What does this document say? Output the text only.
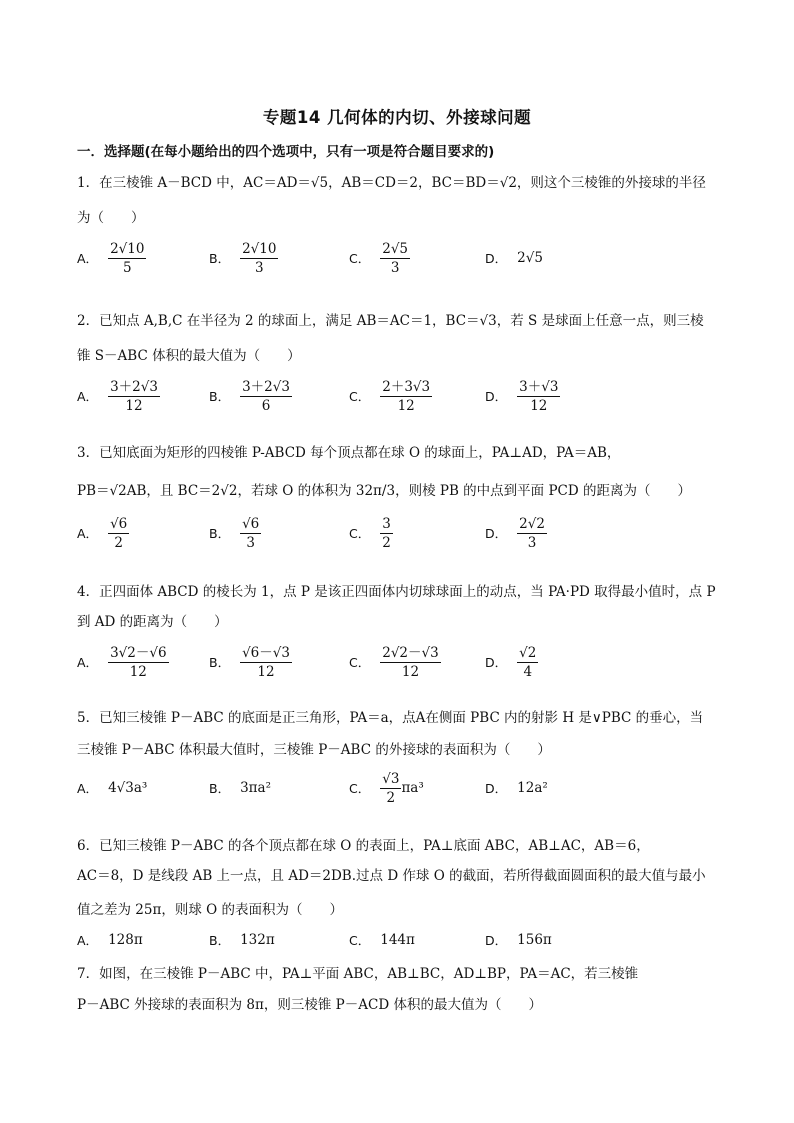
专题14 几何体的内切、外接球问题
一．选择题(在每小题给出的四个选项中，只有一项是符合题目要求的)
1．在三棱锥 A－BCD 中，AC＝AD＝√5，AB＝CD＝2，BC＝BD＝√2，则这个三棱锥的外接球的半径
为（　　）
A． $\frac{2√10}{5}$	B． $\frac{2√10}{3}$	C． $\frac{2√5}{3}$	D． 2√5
2．已知点 A,B,C 在半径为 2 的球面上，满足 AB＝AC＝1，BC＝√3，若 S 是球面上任意一点，则三棱
锥 S－ABC 体积的最大值为（　　）
A． $\frac{3+2√3}{12}$	B． $\frac{3+2√3}{6}$	C． $\frac{2+3√3}{12}$	D． $\frac{3+√3}{12}$
3．已知底面为矩形的四棱锥 P-ABCD 每个顶点都在球 O 的球面上，PA⊥AD，PA＝AB，
PB＝√2AB，且 BC＝2√2，若球 O 的体积为 32π/3，则棱 PB 的中点到平面 PCD 的距离为（　　）
A． $\frac{√6}{2}$	B． $\frac{√6}{3}$	C． $\frac{3}{2}$	D． $\frac{2√2}{3}$
4．正四面体 ABCD 的棱长为 1，点 P 是该正四面体内切球球面上的动点，当 PA·PD 取得最小值时，点 P
到 AD 的距离为（　　）
A． $\frac{3√2-√6}{12}$	B． $\frac{√6-√3}{12}$	C． $\frac{2√2-√3}{12}$	D． $\frac{√2}{4}$
5．已知三棱锥 P－ABC 的底面是正三角形，PA＝a，点A在侧面 PBC 内的射影 H 是∨PBC 的垂心，当
三棱锥 P－ABC 体积最大值时，三棱锥 P－ABC 的外接球的表面积为（　　）
A． 4√3a³	B． 3πa²	C． $\frac{√3}{2} \pi a^3$	D． 12a²
6．已知三棱锥 P－ABC 的各个顶点都在球 O 的表面上，PA⊥底面 ABC，AB⊥AC，AB＝6，
AC＝8，D 是线段 AB 上一点，且 AD＝2DB.过点 D 作球 O 的截面，若所得截面圆面积的最大值与最小
值之差为 25π，则球 O 的表面积为（　　）
A． 128π	B． 132π	C． 144π	D． 156π
7．如图，在三棱锥 P－ABC 中，PA⊥平面 ABC，AB⊥BC，AD⊥BP，PA＝AC，若三棱锥
P－ABC 外接球的表面积为 8π，则三棱锥 P－ACD 体积的最大值为（　　）
